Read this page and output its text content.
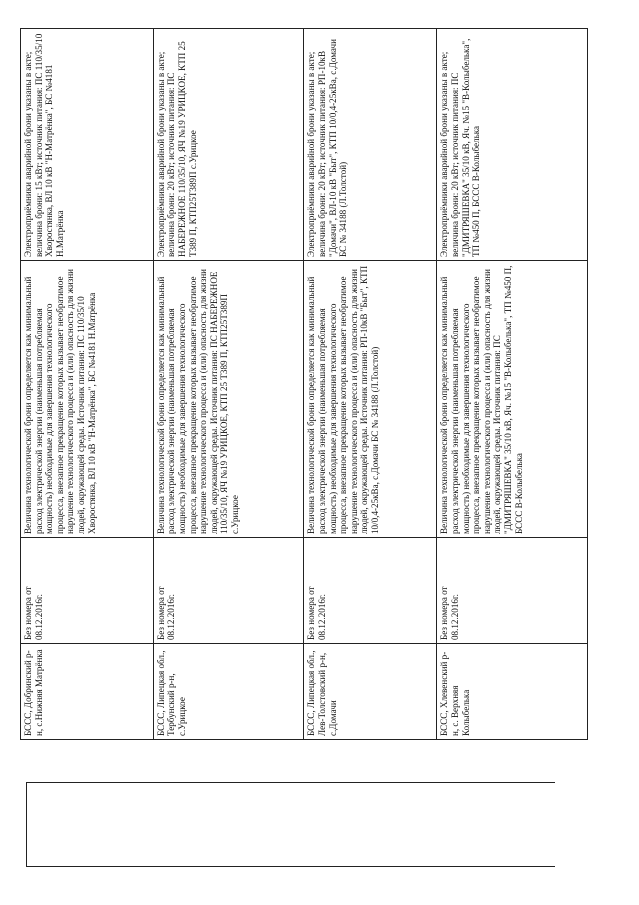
БССС, Добринский р-н, с.Нижняя Матрёнка	Без номера от 08.12.2016г.	Величина технологической брони определяется как минимальный расход электрической энергии (наименьшая потребляемая мощность) необходимые для завершения технологического процесса, внезапное прекращение которых вызывает необратимое нарушение технологического процесса и (или) опасность для жизни людей, окружающей среды. Источник питания: ПС 110/35/10 Хворостянка, ВЛ 10 кВ "Н-Матрёнка", БС №4181 Н.Матрёнка	Электроприёмники аварийной брони указаны в акте; величина брони: 15 кВт; источник питания: ПС 110/35/10 Хворостянка, ВЛ 10 кВ "Н-Матрёнка", БС №4181 Н.Матрёнка
БССС, Липецкая обл., Тербунский р-н, с.Урицкое	Без номера от 08.12.2016г.	Величина технологической брони определяется как минимальный расход электрической энергии (наименьшая потребляемая мощность) необходимые для завершения технологического процесса, внезапное прекращение которых вызывает необратимое нарушение технологического процесса и (или) опасность для жизни людей, окружающей среды. Источник питания: ПС НАБЕРЕЖНОЕ 110/35/10, ЯЧ №19 УРИЦКОЕ, КТП 25 Т389 П, КТП25Т389П с.Урицкое	Электроприёмники аварийной брони указаны в акте; величина брони: 20 кВт; источник питания: ПС НАБЕРЕЖНОЕ 110/35/10, ЯЧ №19 УРИЦКОЕ, КТП 25 Т389 П, КТП25Т389П с.Урицкое
БССС, Липецкая обл., Лев-Толстовский р-н, с.Домачи	Без номера от 08.12.2016г.	Величина технологической брони определяется как минимальный расход электрической энергии (наименьшая потребляемая мощность) необходимые для завершения технологического процесса, внезапное прекращение которых вызывает необратимое нарушение технологического процесса и (или) опасность для жизни людей, окружающей среды. Источник питания: РП-10кВ "Быт", КТП 10/0,4-25кВа, с.Домачи БС № 34188 (Л.Толстой)	Электроприёмники аварийной брони указаны в акте; величина брони: 20 кВт; источник питания: РП-10кВ "Домачи", ВЛ-10 кВ "Быт", КТП 10/0,4-25кВа, с.Домачи БС № 34188 (Л.Толстой)
БССС, Хлевенский р-н, с. Верхняя Колыбелька	Без номера от 08.12.2016г.	Величина технологической брони определяется как минимальный расход электрической энергии (наименьшая потребляемая мощность) необходимые для завершения технологического процесса, внезапное прекращение которых вызывает необратимое нарушение технологического процесса и (или) опасность для жизни людей, окружающей среды. Источник питания: ПС "ДМИТРЯШЕВКА" 35/10 кВ, Яч. №15 "В-Колыбелька", ТП №450 П, БССС В-Колыбелька	Электроприёмники аварийной брони указаны в акте; величина брони: 20 кВт; источник питания: ПС "ДМИТРЯШЕВКА" 35/10 кВ, Яч. №15 "В-Колыбелька", ТП №450 П, БССС В-Колыбелька
